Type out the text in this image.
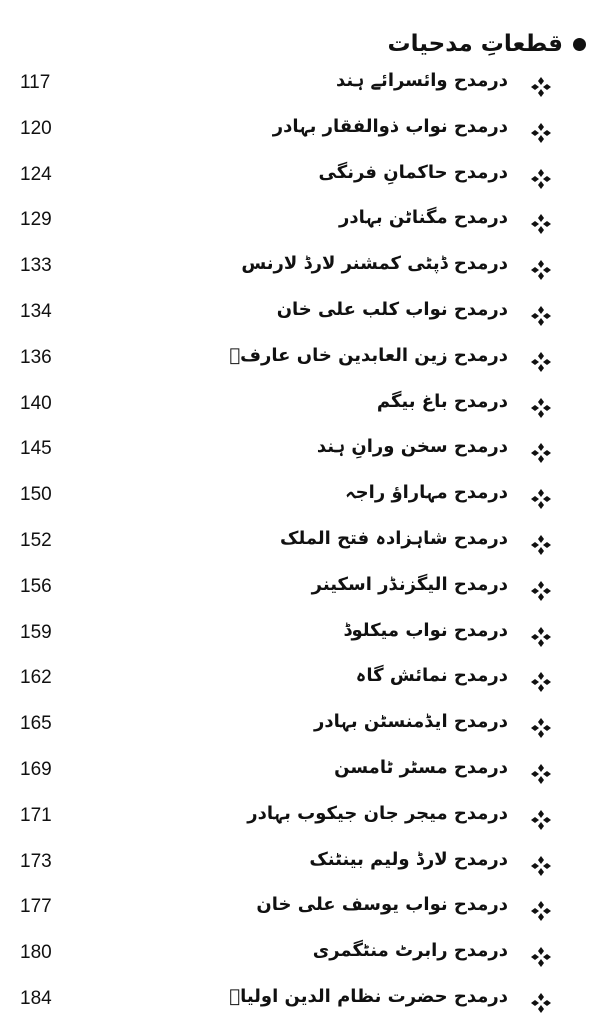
قطعاتِ مدحیات
117	درمدح وائسرائے ہند
120	درمدح نواب ذوالفقار بہادر
124	درمدح حاکمانِ فرنگی
129	درمدح مگناٹن بہادر
133	درمدح ڈپٹی کمشنر لارڈ لارنس
134	درمدح نواب کلب علی خان
136	درمدح زین العابدین خاں عارفؔ
140	درمدح باغ بیگم
145	درمدح سخن ورانِ ہند
150	درمدح مہاراؤ راجہ
152	درمدح شاہزادہ فتح الملک
156	درمدح الیگزنڈر اسکینر
159	درمدح نواب میکلوڈ
162	درمدح نمائش گاہ
165	درمدح ایڈمنسٹن بہادر
169	درمدح مسٹر ٹامسن
171	درمدح میجر جان جیکوب بہادر
173	درمدح لارڈ ولیم بینٹنک
177	درمدح نواب یوسف علی خان
180	درمدح رابرٹ منٹگمری
184	درمدح حضرت نظام الدین اولیاؒ
